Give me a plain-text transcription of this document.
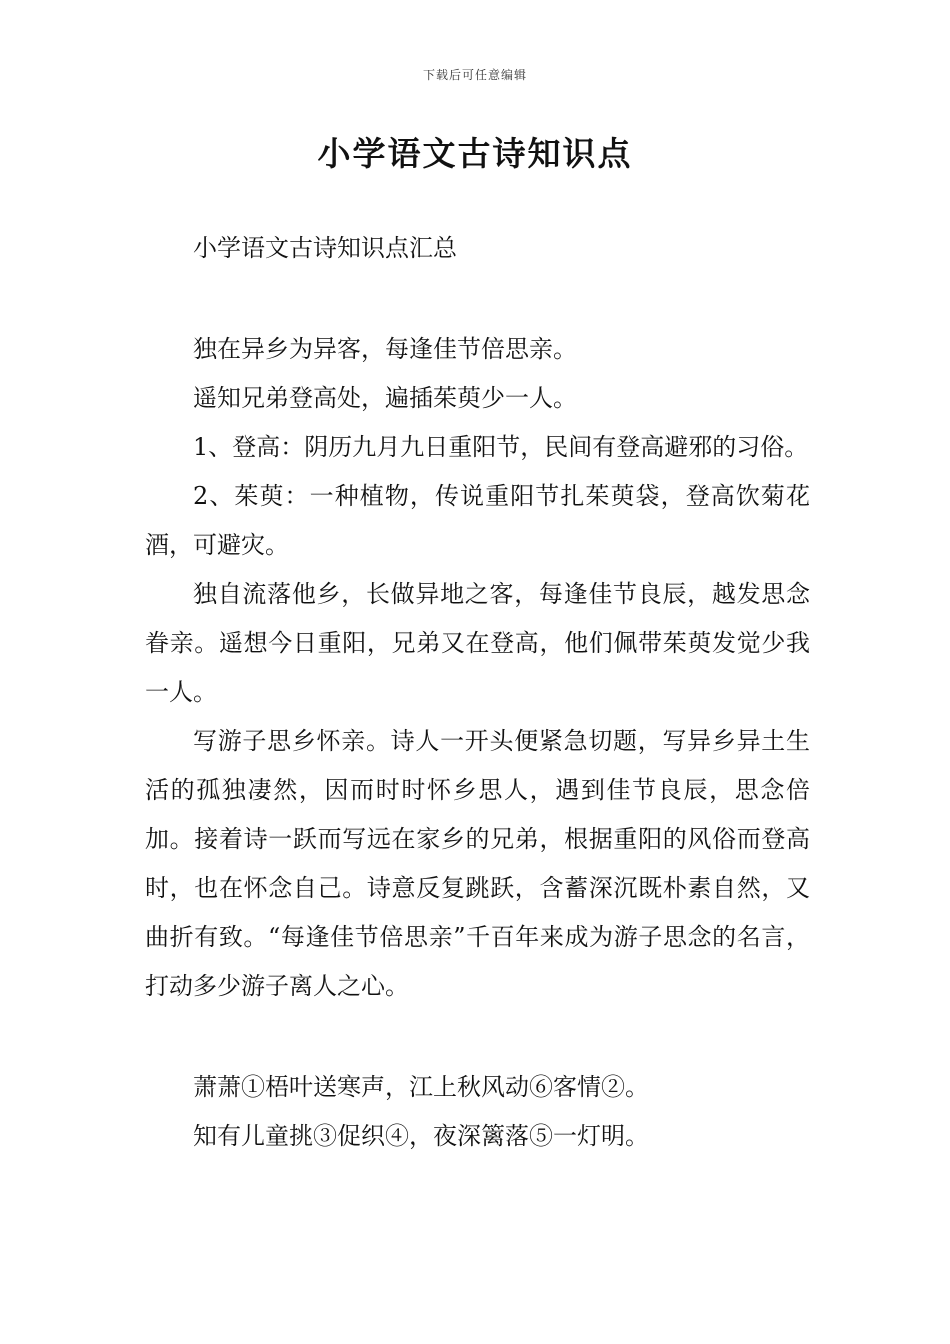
下载后可任意编辑
小学语文古诗知识点

小学语文古诗知识点汇总

独在异乡为异客，每逢佳节倍思亲。

遥知兄弟登高处，遍插茱萸少一人。

1、登高：阴历九月九日重阳节，民间有登高避邪的习俗。

2、茱萸：一种植物，传说重阳节扎茱萸袋，登高饮菊花酒，可避灾。

独自流落他乡，长做异地之客，每逢佳节良辰，越发思念眷亲。遥想今日重阳，兄弟又在登高，他们佩带茱萸发觉少我一人。

写游子思乡怀亲。诗人一开头便紧急切题，写异乡异土生活的孤独凄然，因而时时怀乡思人，遇到佳节良辰，思念倍加。接着诗一跃而写远在家乡的兄弟，根据重阳的风俗而登高时，也在怀念自己。诗意反复跳跃，含蓄深沉既朴素自然，又曲折有致。“每逢佳节倍思亲”千百年来成为游子思念的名言，打动多少游子离人之心。

萧萧①梧叶送寒声，江上秋风动⑥客情②。

知有儿童挑③促织④，夜深篱落⑤一灯明。
